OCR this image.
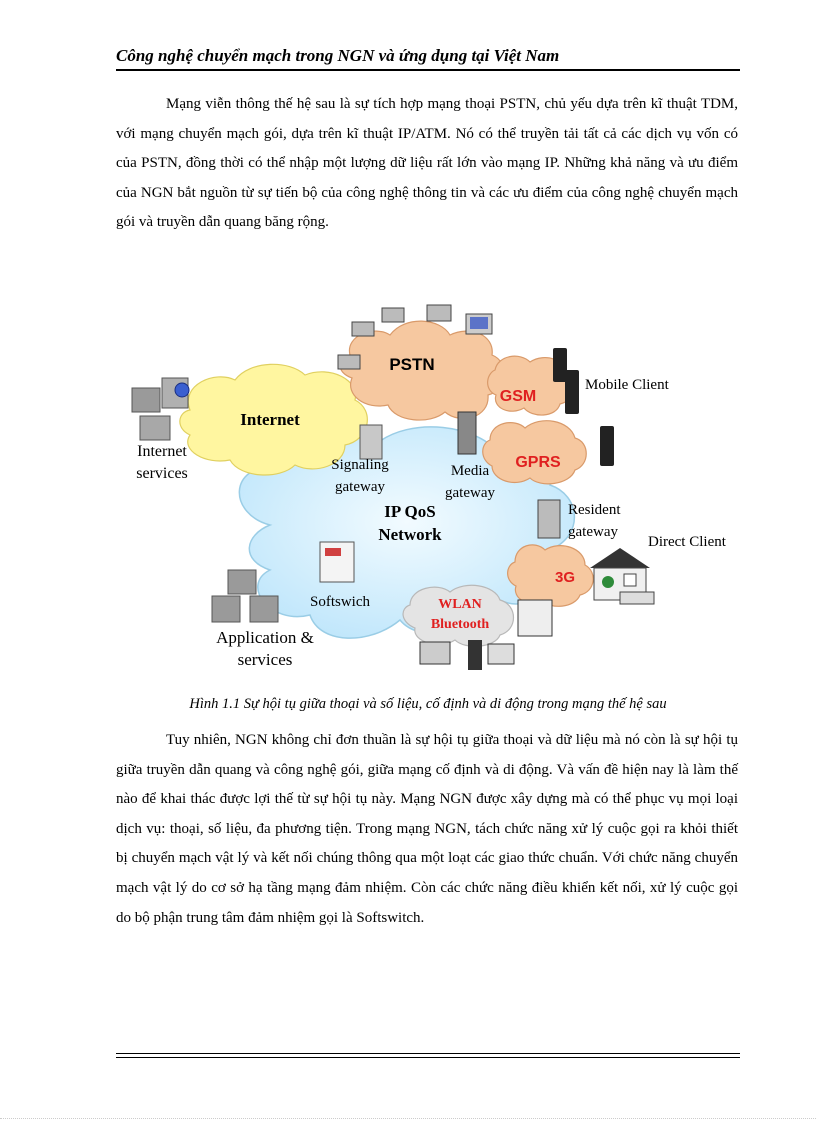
Công nghệ chuyển mạch trong NGN và ứng dụng tại Việt Nam

Mạng viễn thông thế hệ sau là sự tích hợp mạng thoại PSTN, chủ yếu dựa trên kĩ thuật TDM, với mạng chuyển mạch gói, dựa trên kĩ thuật IP/ATM. Nó có thể truyền tải tất cả các dịch vụ vốn có của PSTN, đồng thời có thể nhập một lượng dữ liệu rất lớn vào mạng IP. Những khả năng và ưu điểm của NGN bắt nguồn từ sự tiến bộ của công nghệ thông tin và các ưu điểm của công nghệ chuyển mạch gói và truyền dẫn quang băng rộng.

Internet
Internet
services
PSTN
GSM
GPRS
Mobile Client
Signaling
gateway
Media
gateway
IP QoS
Network
Resident
gateway
Direct Client
3G
Softswich	WLAN
Bluetooth
Application &
services
Hình 1.1 Sự hội tụ giữa thoại và số liệu, cố định và di động trong mạng thế hệ sau

Tuy nhiên, NGN không chỉ đơn thuần là sự hội tụ giữa thoại và dữ liệu mà nó còn là sự hội tụ giữa truyền dẫn quang và công nghệ gói, giữa mạng cố định và di động. Và vấn đề hiện nay là làm thế nào để khai thác được lợi thế từ sự hội tụ này. Mạng NGN được xây dựng mà có thể phục vụ mọi loại dịch vụ: thoại, số liệu, đa phương tiện. Trong mạng NGN, tách chức năng xử lý cuộc gọi ra khỏi thiết bị chuyển mạch vật lý và kết nối chúng thông qua một loạt các giao thức chuẩn. Với chức năng chuyển mạch vật lý do cơ sở hạ tầng mạng đảm nhiệm. Còn các chức năng điều khiển kết nối, xử lý cuộc gọi do bộ phận trung tâm đảm nhiệm gọi là Softswitch.
